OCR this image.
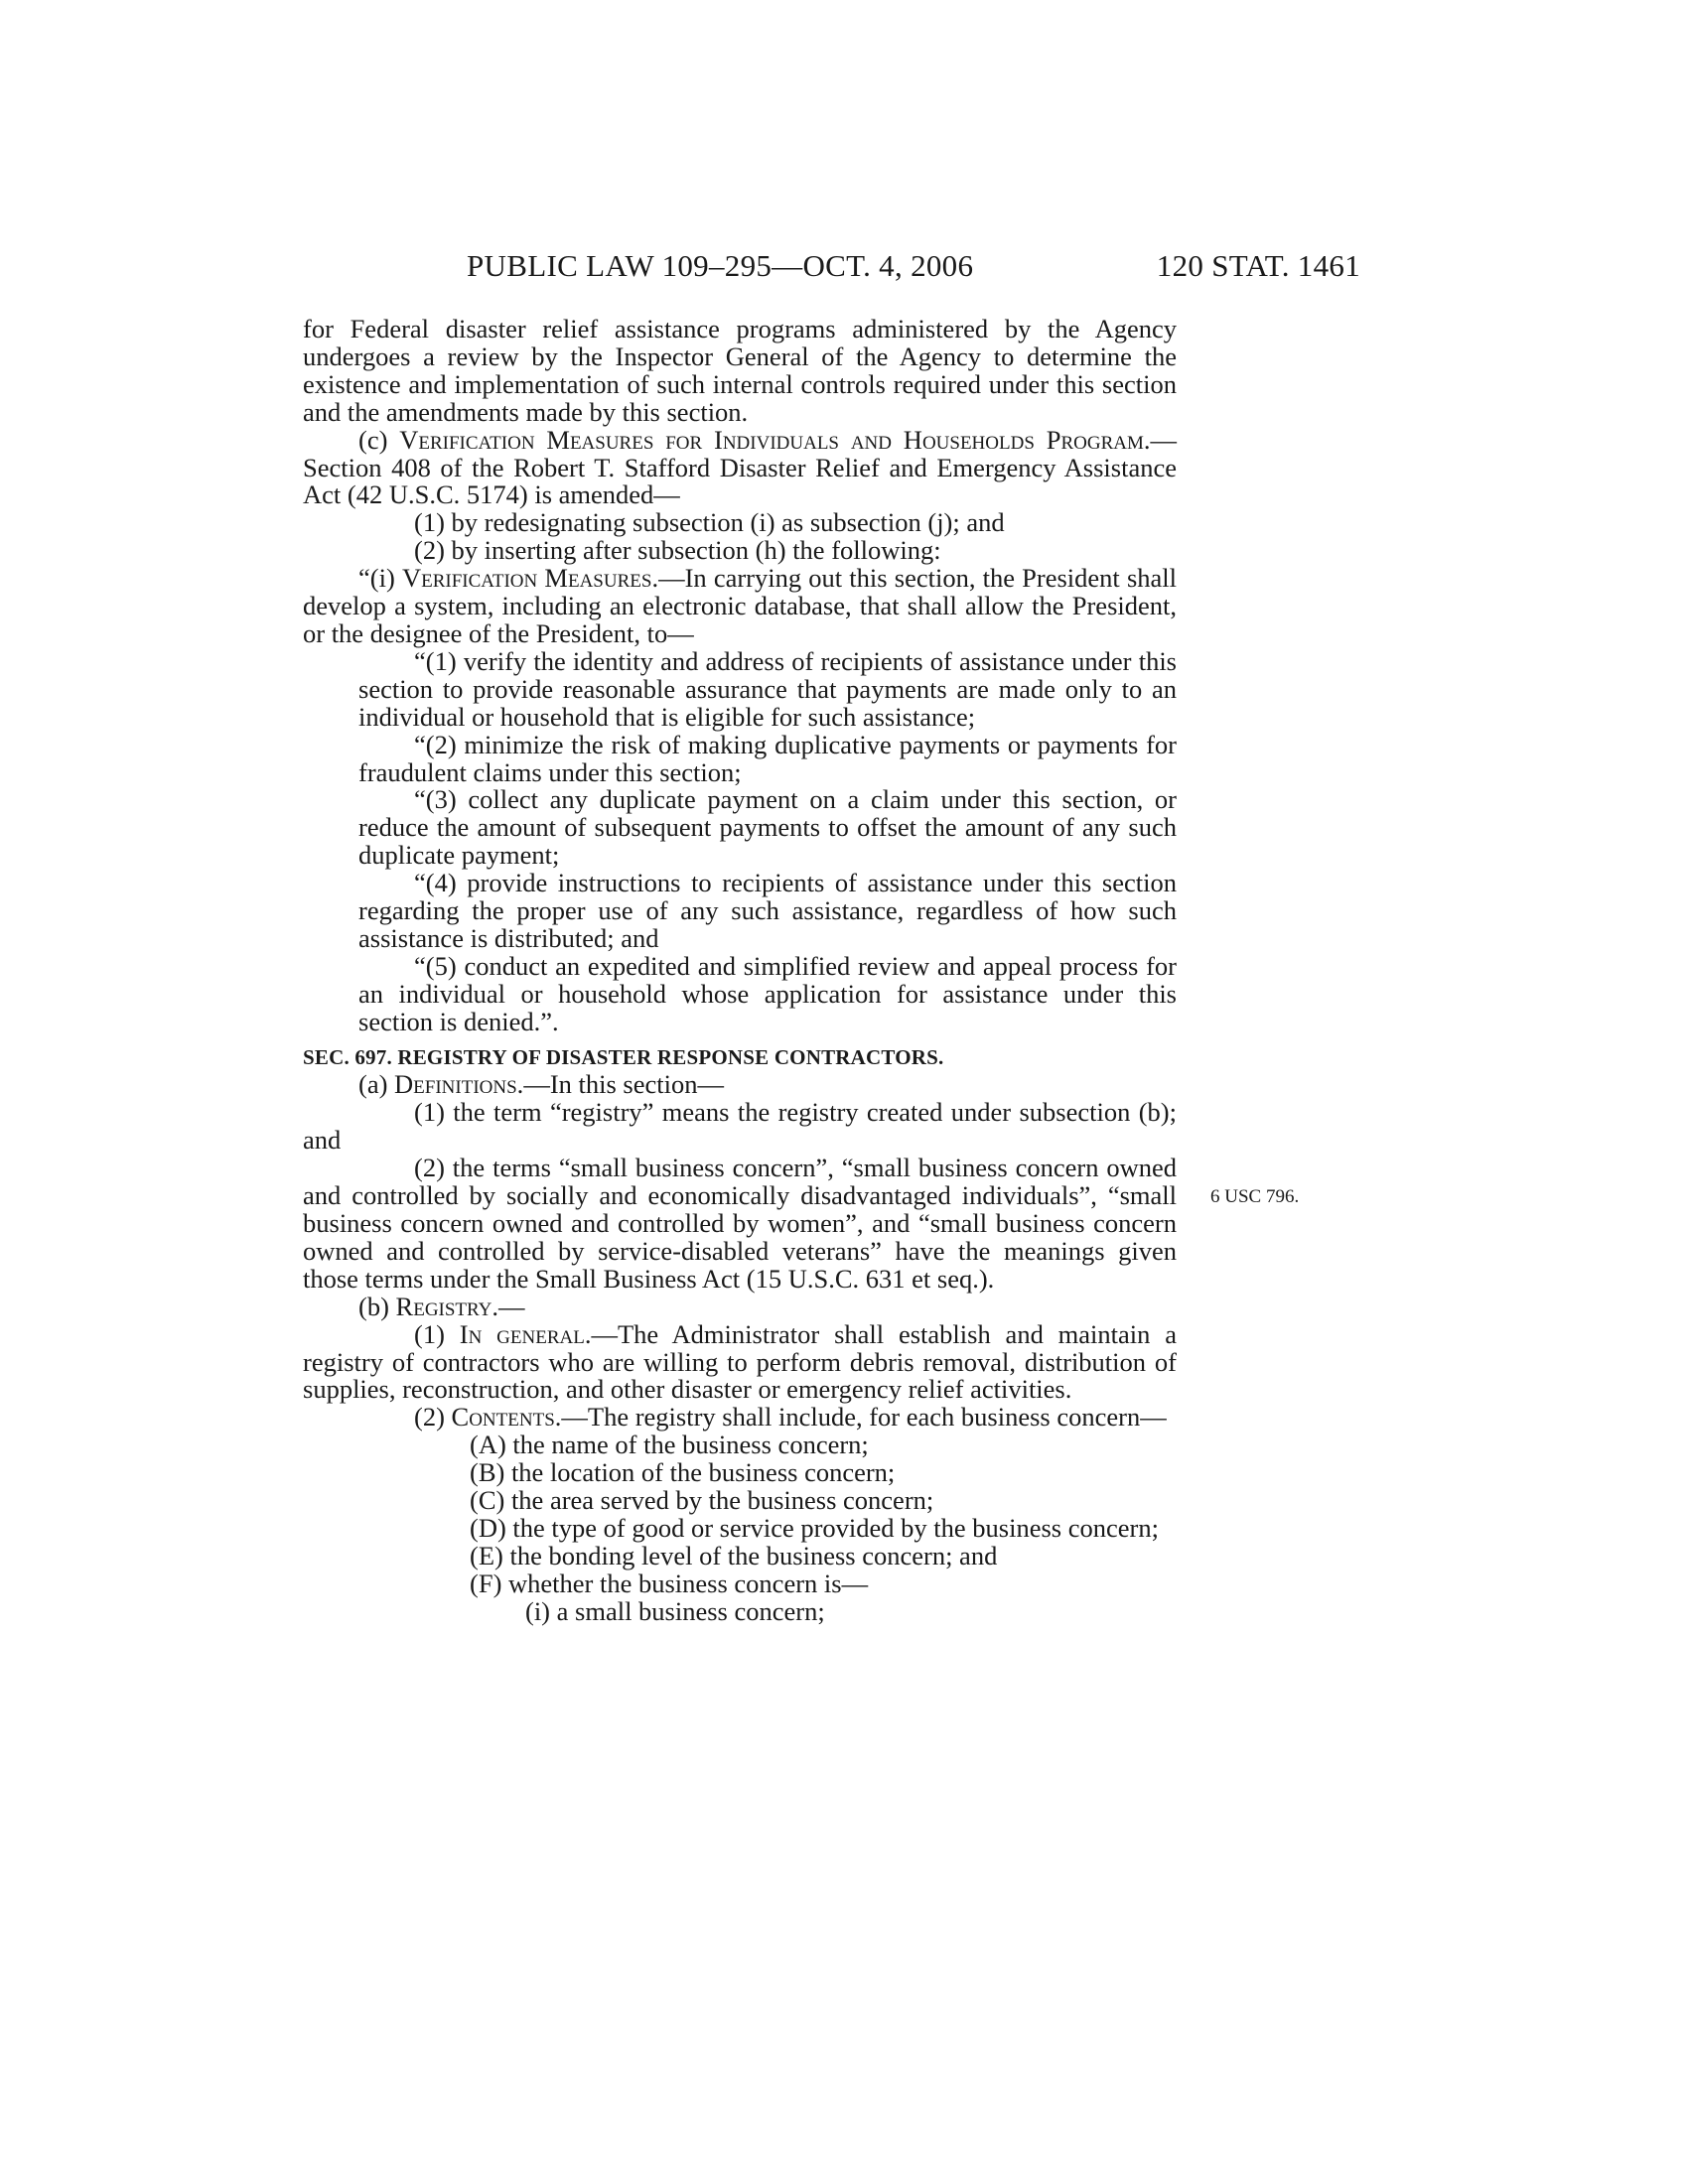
PUBLIC LAW 109–295—OCT. 4, 2006	120 STAT. 1461
6 USC 796.

for Federal disaster relief assistance programs administered by the Agency undergoes a review by the Inspector General of the Agency to determine the existence and implementation of such internal controls required under this section and the amendments made by this section.

(c) Verification Measures for Individuals and Households Program.—Section 408 of the Robert T. Stafford Disaster Relief and Emergency Assistance Act (42 U.S.C. 5174) is amended—

(1) by redesignating subsection (i) as subsection (j); and

(2) by inserting after subsection (h) the following:

“(i) Verification Measures.—In carrying out this section, the President shall develop a system, including an electronic database, that shall allow the President, or the designee of the President, to—

“(1) verify the identity and address of recipients of assistance under this section to provide reasonable assurance that payments are made only to an individual or household that is eligible for such assistance;

“(2) minimize the risk of making duplicative payments or payments for fraudulent claims under this section;

“(3) collect any duplicate payment on a claim under this section, or reduce the amount of subsequent payments to offset the amount of any such duplicate payment;

“(4) provide instructions to recipients of assistance under this section regarding the proper use of any such assistance, regardless of how such assistance is distributed; and

“(5) conduct an expedited and simplified review and appeal process for an individual or household whose application for assistance under this section is denied.”.

SEC. 697. REGISTRY OF DISASTER RESPONSE CONTRACTORS.

(a) Definitions.—In this section—

(1) the term “registry” means the registry created under subsection (b); and

(2) the terms “small business concern”, “small business concern owned and controlled by socially and economically disadvantaged individuals”, “small business concern owned and controlled by women”, and “small business concern owned and controlled by service-disabled veterans” have the meanings given those terms under the Small Business Act (15 U.S.C. 631 et seq.).

(b) Registry.—

(1) In general.—The Administrator shall establish and maintain a registry of contractors who are willing to perform debris removal, distribution of supplies, reconstruction, and other disaster or emergency relief activities.

(2) Contents.—The registry shall include, for each business concern—

(A) the name of the business concern;

(B) the location of the business concern;

(C) the area served by the business concern;

(D) the type of good or service provided by the business concern;

(E) the bonding level of the business concern; and

(F) whether the business concern is—

(i) a small business concern;
